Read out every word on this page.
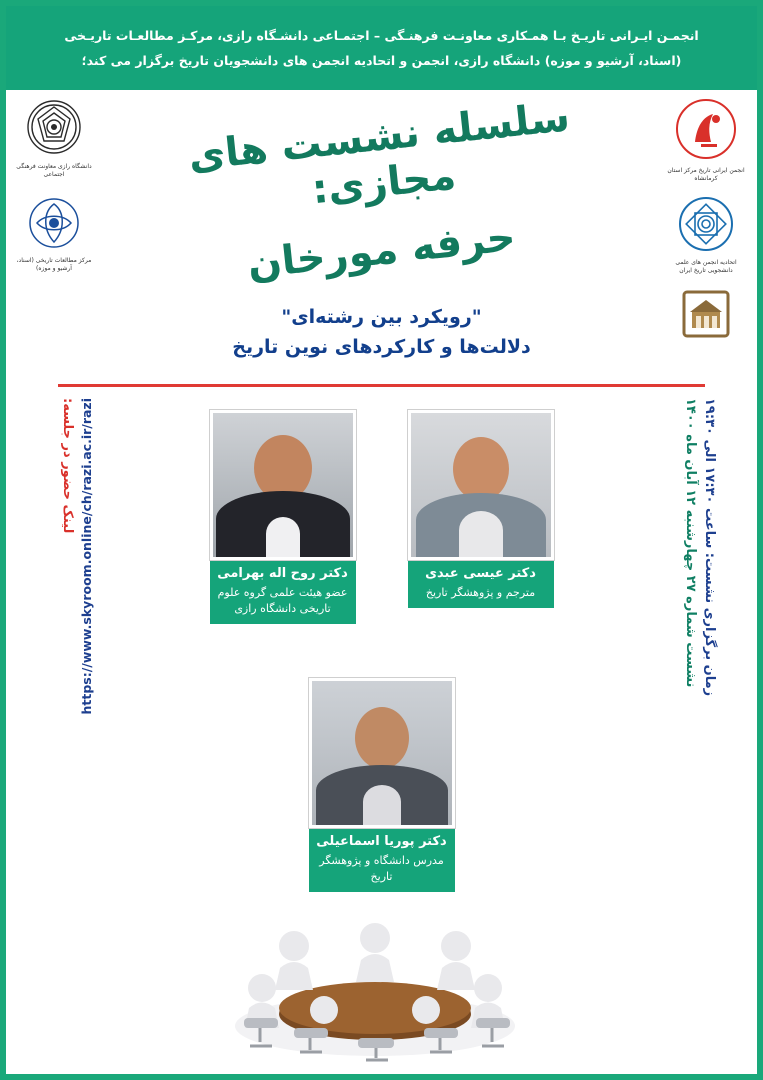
انجمـن ایـرانی تاریـخ بـا همـکاری معاونـت فرهنـگی – اجتمـاعی دانشـگاه رازی، مرکـز مطالعـات تاریـخی
(اسناد، آرشیو و موزه) دانشگاه رازی، انجمن و اتحادیه انجمن های دانشجویان تاریخ برگزار می کند؛
انجمن ایرانی تاریخ مرکز استان کرمانشاه
اتحادیه انجمن های علمی دانشجویی تاریخ ایران
دانشگاه رازی معاونت فرهنگی اجتماعی
مرکز مطالعات تاریخی (اسناد، آرشیو و موزه)
سلسله نشست های مجازی:
حرفه مورخان
"رویکرد بین رشته‌ای"
دلالت‌ها و کارکردهای نوین تاریخ
زمان برگزاری نشست: ساعت ۱۷:۳۰ الی ۱۹:۳۰
نشست شماره ۲۷ چهارشنبه ۱۲ آبان ماه ۱۴۰۰
https://www.skyroom.online/ch/razi.ac.ir/razi
لینک حضور در جلسه:
دکتر عیسی عبدی
مترجم و پژوهشگر تاریخ
دکتر روح اله بهرامی
عضو هیئت علمی گروه علوم تاریخی دانشگاه رازی
دکتر پوریا اسماعیلی
مدرس دانشگاه و پژوهشگر تاریخ
